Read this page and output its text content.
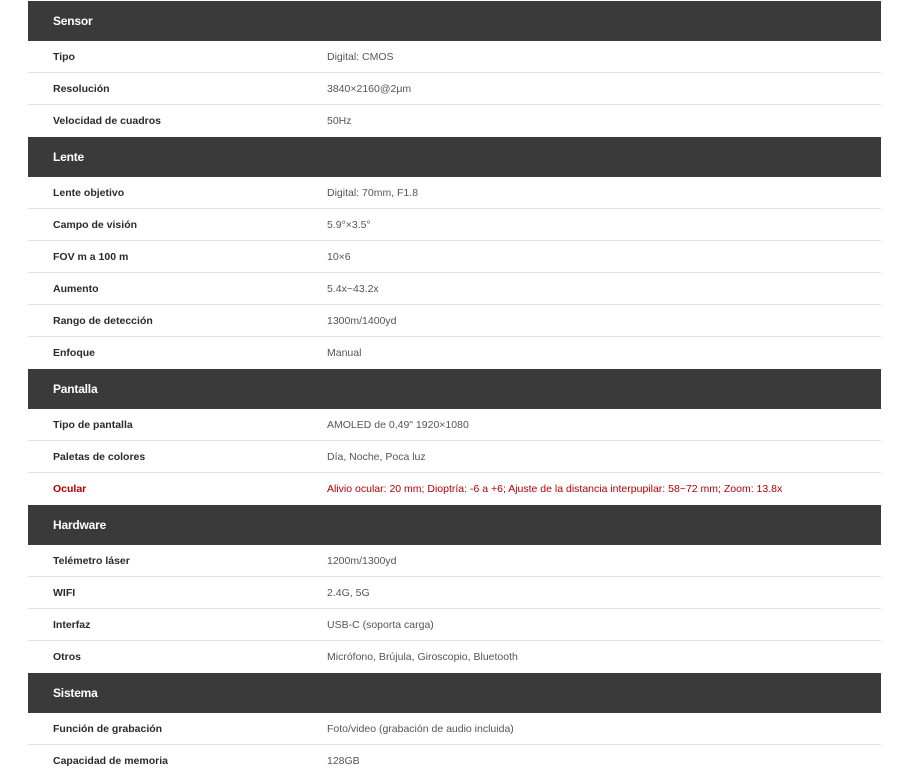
Sensor
Tipo	Digital: CMOS
Resolución	3840×2160@2μm
Velocidad de cuadros	50Hz
Lente
Lente objetivo	Digital: 70mm, F1.8
Campo de visión	5.9°×3.5°
FOV m a 100 m	10×6
Aumento	5.4x~43.2x
Rango de detección	1300m/1400yd
Enfoque	Manual
Pantalla
Tipo de pantalla	AMOLED de 0,49" 1920×1080
Paletas de colores	Día, Noche, Poca luz
Ocular	Alivio ocular: 20 mm; Dioptría: -6 a +6; Ajuste de la distancia interpupilar: 58~72 mm; Zoom: 13.8x
Hardware
Telémetro láser	1200m/1300yd
WIFI	2.4G, 5G
Interfaz	USB-C (soporta carga)
Otros	Micrófono, Brújula, Giroscopio, Bluetooth
Sistema
Función de grabación	Foto/video (grabación de audio incluida)
Capacidad de memoria	128GB
